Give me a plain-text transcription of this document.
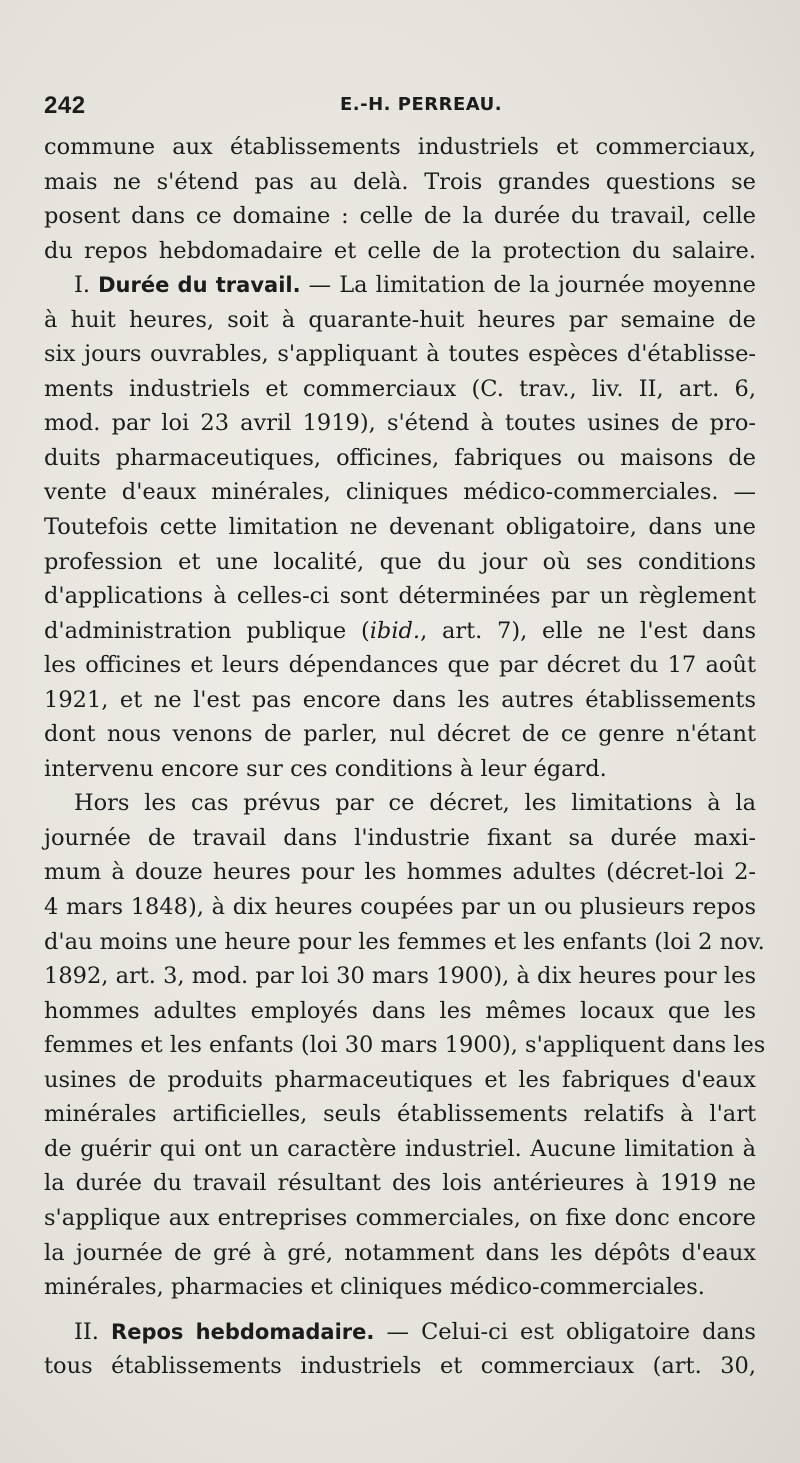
242	E.-H. PERREAU.
commune aux établissements industriels et commerciaux,
mais ne s'étend pas au delà. Trois grandes questions se
posent dans ce domaine : celle de la durée du travail, celle
du repos hebdomadaire et celle de la protection du salaire.
I. Durée du travail. — La limitation de la journée moyenne
à huit heures, soit à quarante-huit heures par semaine de
six jours ouvrables, s'appliquant à toutes espèces d'établisse-
ments industriels et commerciaux (C. trav., liv. II, art. 6,
mod. par loi 23 avril 1919), s'étend à toutes usines de pro-
duits pharmaceutiques, officines, fabriques ou maisons de
vente d'eaux minérales, cliniques médico-commerciales. —
Toutefois cette limitation ne devenant obligatoire, dans une
profession et une localité, que du jour où ses conditions
d'applications à celles-ci sont déterminées par un règlement
d'administration publique (ibid., art. 7), elle ne l'est dans
les officines et leurs dépendances que par décret du 17 août
1921, et ne l'est pas encore dans les autres établissements
dont nous venons de parler, nul décret de ce genre n'étant
intervenu encore sur ces conditions à leur égard.
Hors les cas prévus par ce décret, les limitations à la
journée de travail dans l'industrie fixant sa durée maxi-
mum à douze heures pour les hommes adultes (décret-loi 2-
4 mars 1848), à dix heures coupées par un ou plusieurs repos
d'au moins une heure pour les femmes et les enfants (loi 2 nov.
1892, art. 3, mod. par loi 30 mars 1900), à dix heures pour les
hommes adultes employés dans les mêmes locaux que les
femmes et les enfants (loi 30 mars 1900), s'appliquent dans les
usines de produits pharmaceutiques et les fabriques d'eaux
minérales artificielles, seuls établissements relatifs à l'art
de guérir qui ont un caractère industriel. Aucune limitation à
la durée du travail résultant des lois antérieures à 1919 ne
s'applique aux entreprises commerciales, on fixe donc encore
la journée de gré à gré, notamment dans les dépôts d'eaux
minérales, pharmacies et cliniques médico-commerciales.
II. Repos hebdomadaire. — Celui-ci est obligatoire dans
tous établissements industriels et commerciaux (art. 30,
